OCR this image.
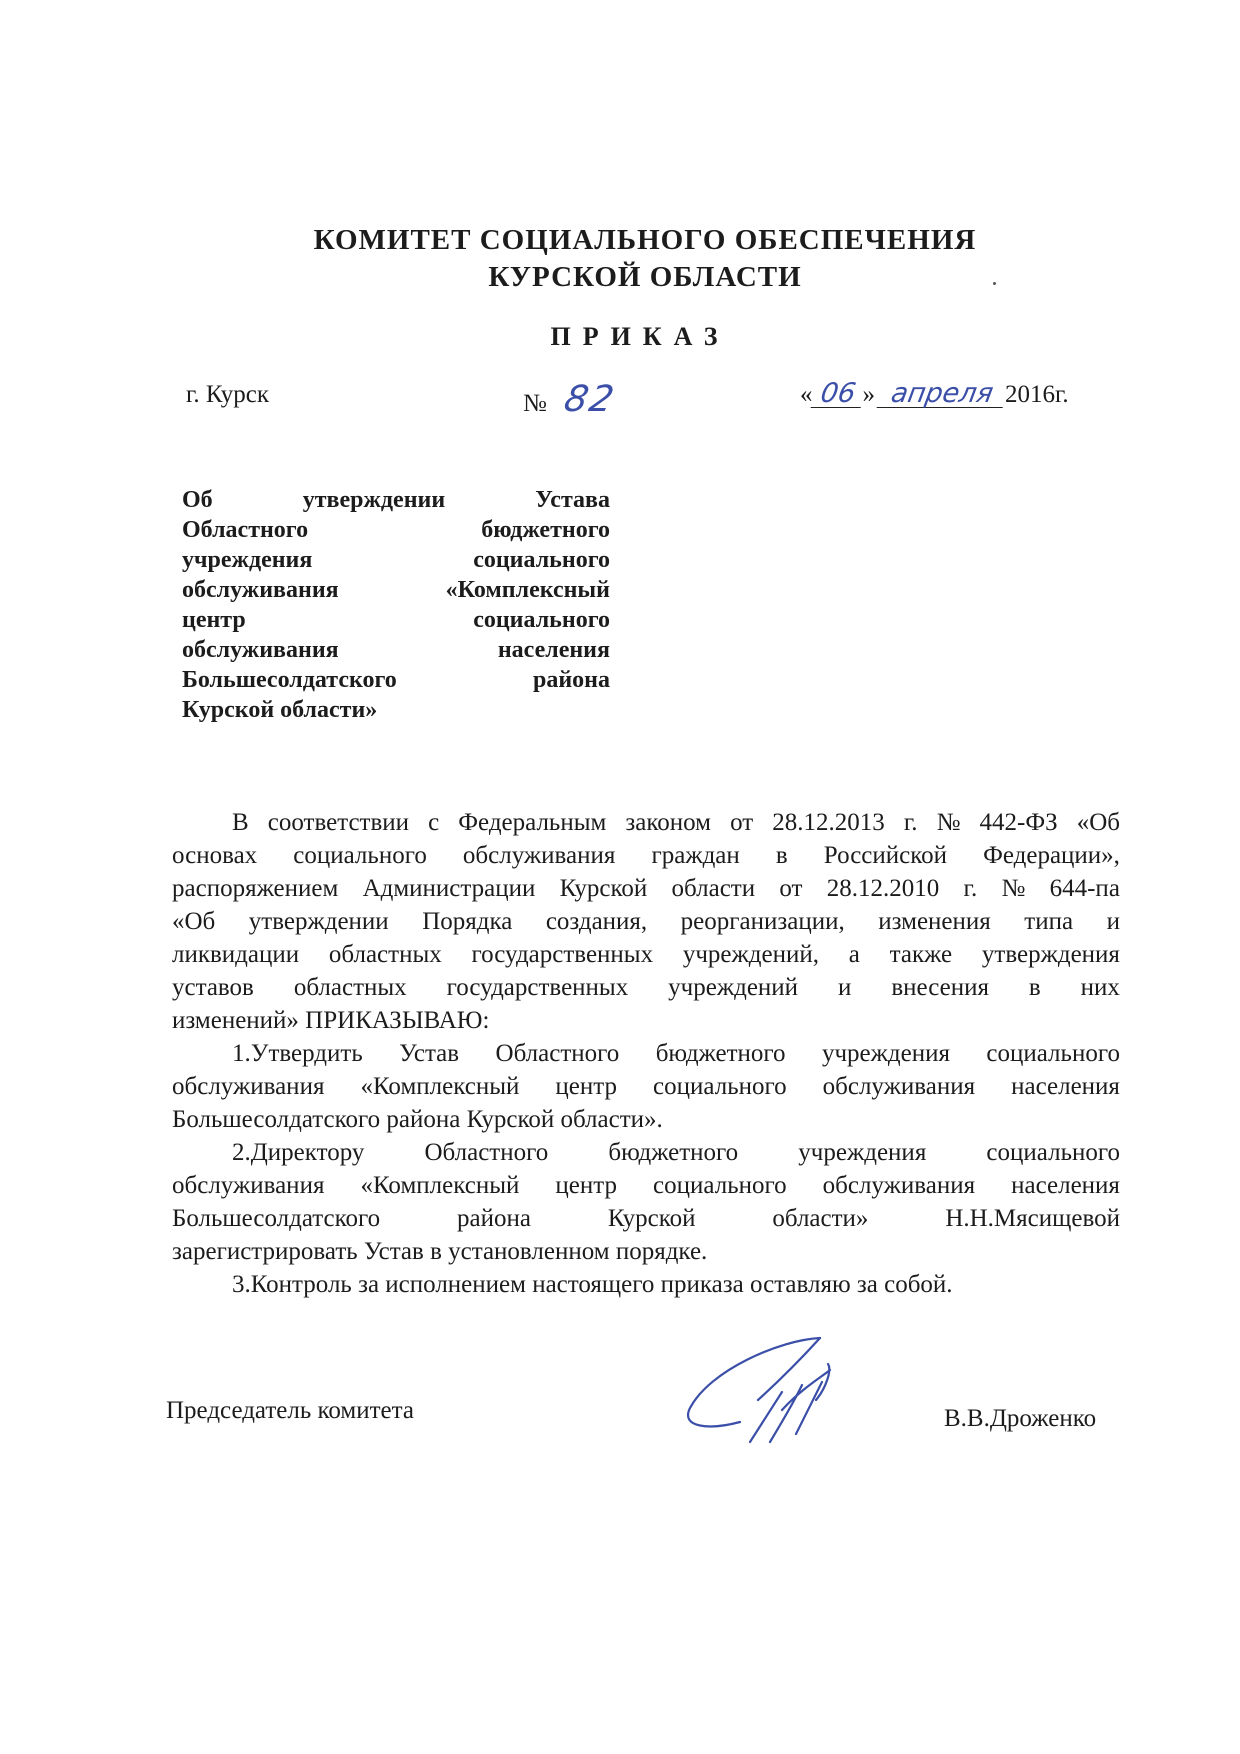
КОМИТЕТ СОЦИАЛЬНОГО ОБЕСПЕЧЕНИЯ
КУРСКОЙ ОБЛАСТИ
ПРИКАЗ
г. Курск	№ 82	« 06 » апреля 2016г.
Об	утверждении	Устава
Областного	бюджетного
учреждения	социального
обслуживания	«Комплексный
центр	социального
обслуживания	населения
Большесолдатского	района
Курской области»
В соответствии с Федеральным законом от 28.12.2013 г. № 442-ФЗ «Об
основах социального обслуживания граждан в Российской Федерации»,
распоряжением Администрации Курской области от 28.12.2010 г. № 644-па
«Об утверждении Порядка создания, реорганизации, изменения типа и
ликвидации областных государственных учреждений, а также утверждения
уставов областных государственных учреждений и внесения в них
изменений» ПРИКАЗЫВАЮ:
1.Утвердить Устав Областного бюджетного учреждения социального
обслуживания «Комплексный центр социального обслуживания населения
Большесолдатского района Курской области».
2.Директору Областного бюджетного учреждения социального
обслуживания «Комплексный центр социального обслуживания населения
Большесолдатского	района	Курской	области»	Н.Н.Мясищевой
зарегистрировать Устав в установленном порядке.
3.Контроль за исполнением настоящего приказа оставляю за собой.
Председатель комитета	В.В.Дроженко
